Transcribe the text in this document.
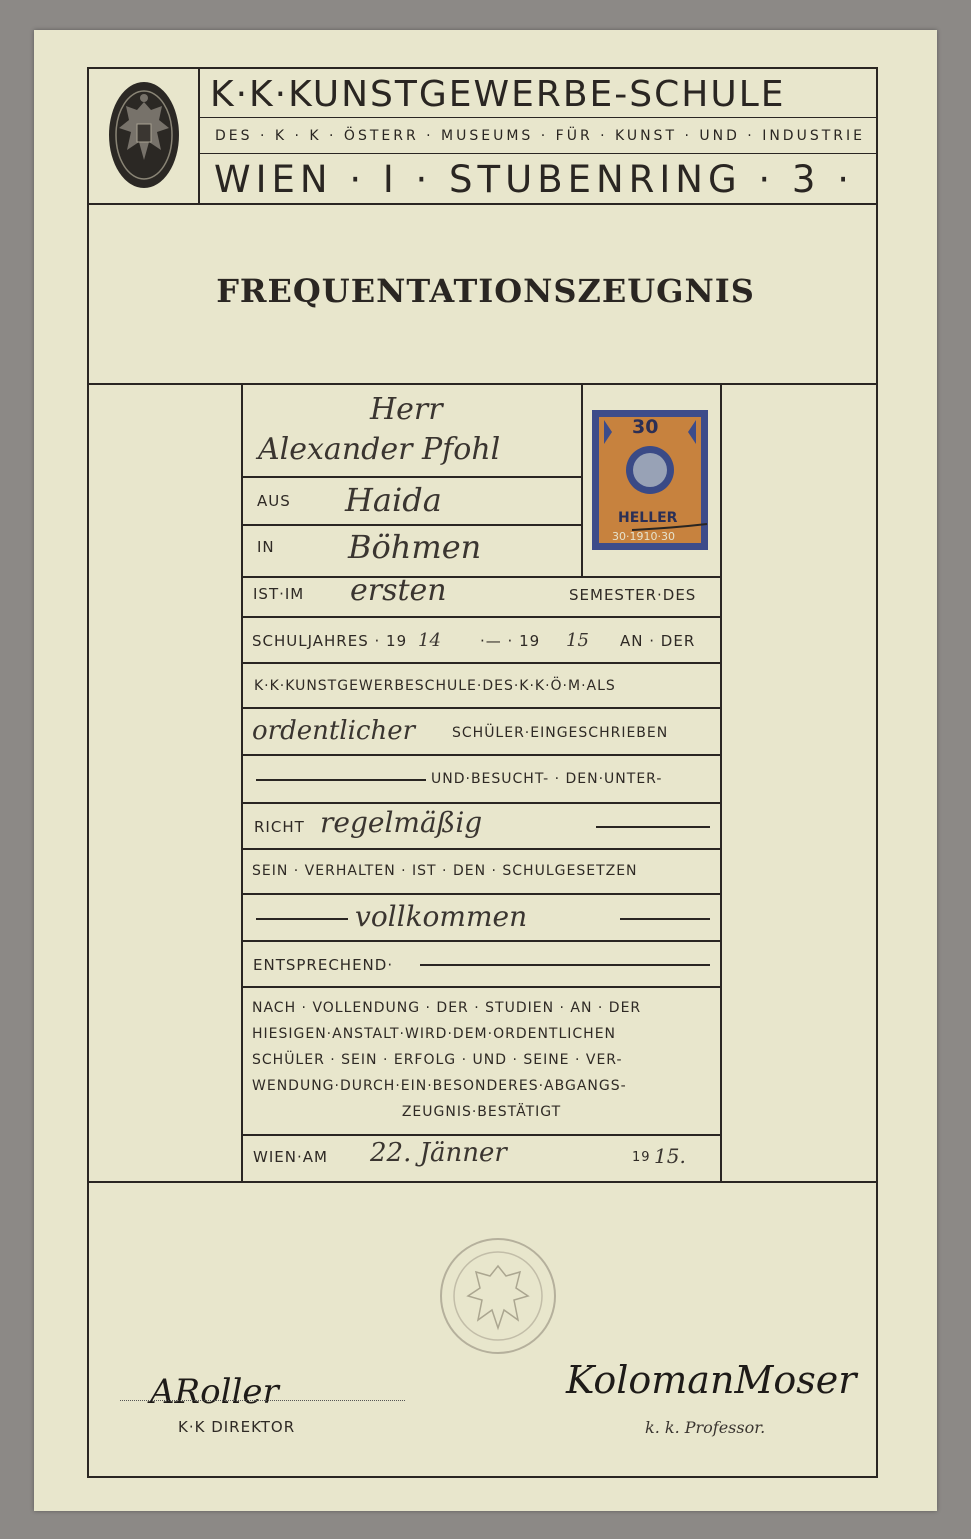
K·K·KUNSTGEWERBE-SCHULE
DES · K · K · ÖSTERR · MUSEUMS · FÜR · KUNST · UND · INDUSTRIE
WIEN · I · STUBENRING · 3 ·
FREQUENTATIONSZEUGNIS
Herr
Alexander Pfohl
AUS Haida
IN Böhmen
30
HELLER
30·1910·30
IST·IM ersten	SEMESTER·DES
SCHULJAHRES · 19 14	·— · 19 15 AN · DER
K·K·KUNSTGEWERBESCHULE·DES·K·K·Ö·M·ALS
ordentlicher	SCHÜLER·EINGESCHRIEBEN
UND·BESUCHT- · DEN·UNTER-
RICHT regelmäßig
SEIN · VERHALTEN · IST · DEN · SCHULGESETZEN
vollkommen
ENTSPRECHEND·
NACH · VOLLENDUNG · DER · STUDIEN · AN · DER
HIESIGEN·ANSTALT·WIRD·DEM·ORDENTLICHEN
SCHÜLER · SEIN · ERFOLG · UND · SEINE · VER-
WENDUNG·DURCH·EIN·BESONDERES·ABGANGS-
ZEUGNIS·BESTÄTIGT
WIEN·AM 22. Jänner	19 15.
ARoller
K·K DIREKTOR
KolomanMoser
k. k. Professor.
